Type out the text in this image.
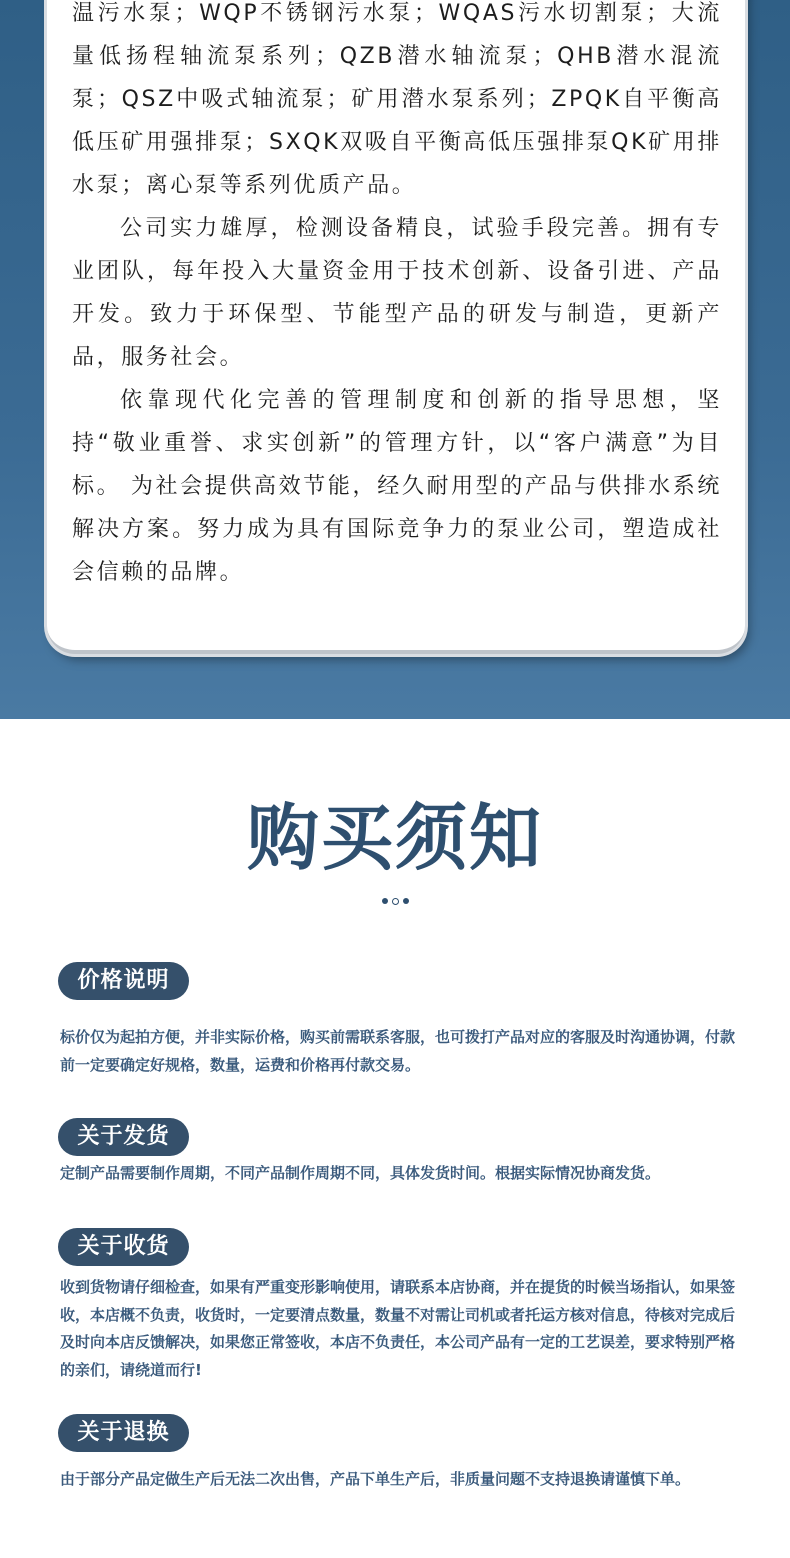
温污水泵；WQP不锈钢污水泵；WQAS污水切割泵；大流量低扬程轴流泵系列；QZB潜水轴流泵；QHB潜水混流泵；QSZ中吸式轴流泵；矿用潜水泵系列；ZPQK自平衡高低压矿用强排泵；SXQK双吸自平衡高低压强排泵QK矿用排水泵；离心泵等系列优质产品。

公司实力雄厚，检测设备精良，试验手段完善。拥有专业团队，每年投入大量资金用于技术创新、设备引进、产品开发。致力于环保型、节能型产品的研发与制造，更新产品，服务社会。

依靠现代化完善的管理制度和创新的指导思想，坚持“敬业重誉、求实创新”的管理方针，以“客户满意”为目标。 为社会提供高效节能，经久耐用型的产品与供排水系统解决方案。努力成为具有国际竞争力的泵业公司，塑造成社会信赖的品牌。

购买须知
价格说明
标价仅为起拍方便，并非实际价格，购买前需联系客服，也可拨打产品对应的客服及时沟通协调，付款前一定要确定好规格，数量，运费和价格再付款交易。
关于发货
定制产品需要制作周期，不同产品制作周期不同，具体发货时间。根据实际情况协商发货。
关于收货
收到货物请仔细检查，如果有严重变形影响使用，请联系本店协商，并在提货的时候当场指认，如果签收，本店概不负责，收货时，一定要清点数量，数量不对需让司机或者托运方核对信息，待核对完成后及时向本店反馈解决，如果您正常签收，本店不负责任，本公司产品有一定的工艺误差，要求特别严格的亲们，请绕道而行!
关于退换
由于部分产品定做生产后无法二次出售，产品下单生产后，非质量问题不支持退换请谨慎下单。
